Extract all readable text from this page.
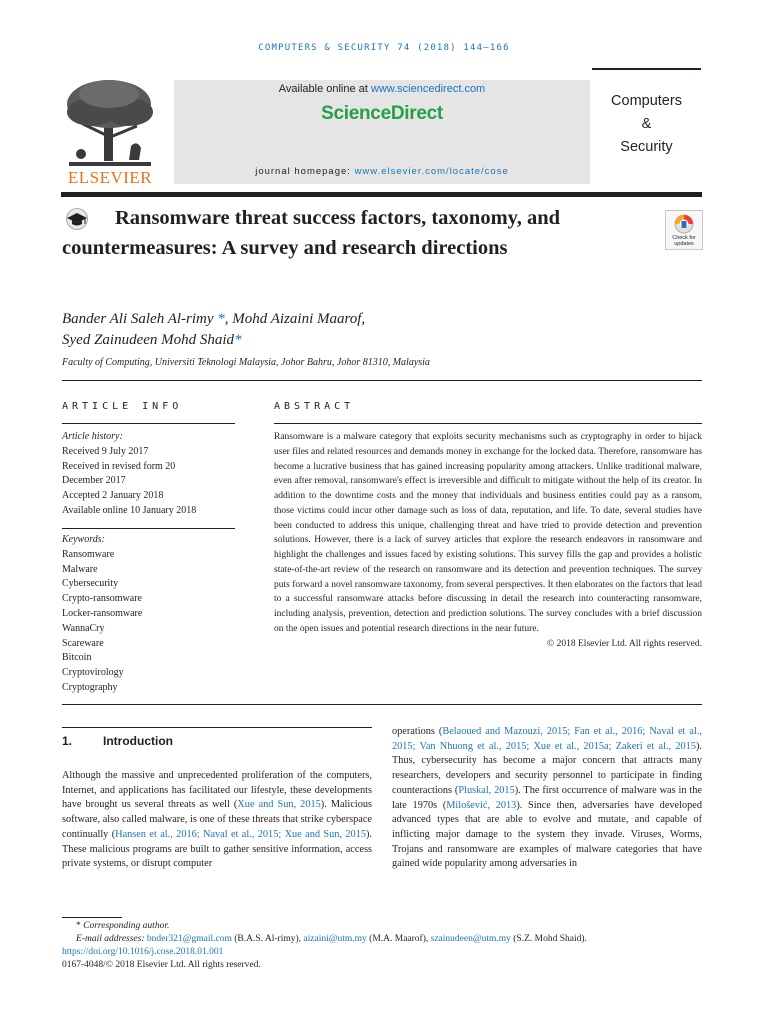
COMPUTERS & SECURITY 74 (2018) 144–166
ELSEVIER
Available online at www.sciencedirect.com
ScienceDirect
journal homepage: www.elsevier.com/locate/cose
Computers
&
Security
Ransomware threat success factors, taxonomy, and countermeasures: A survey and research directions	Check for
updates
Bander Ali Saleh Al-rimy *, Mohd Aizaini Maarof,
Syed Zainudeen Mohd Shaid*
Faculty of Computing, Universiti Teknologi Malaysia, Johor Bahru, Johor 81310, Malaysia
ARTICLE INFO
Article history:
Received 9 July 2017
Received in revised form 20
December 2017
Accepted 2 January 2018
Available online 10 January 2018
Keywords:
Ransomware
Malware
Cybersecurity
Crypto-ransomware
Locker-ransomware
WannaCry
Scareware
Bitcoin
Cryptovirology
Cryptography
ABSTRACT
Ransomware is a malware category that exploits security mechanisms such as cryptography in order to hijack user files and related resources and demands money in exchange for the locked data. Therefore, ransomware has become a lucrative business that has gained increasing popularity among attackers. Unlike traditional malware, even after removal, ransomware's effect is irreversible and difficult to mitigate without the help of its creator. In addition to the downtime costs and the money that individuals and business entities could pay as a ransom, those victims could incur other damage such as loss of data, reputation, and life. To date, several studies have been conducted to address this unique, challenging threat and have tried to provide detection and prevention solutions. However, there is a lack of survey articles that explore the research endeavors in ransomware and highlight the challenges and issues faced by existing solutions. This survey fills the gap and provides a holistic state-of-the-art review of the research on ransomware and its detection and prevention techniques. The survey puts forward a novel ransomware taxonomy, from several perspectives. It then elaborates on the factors that lead to a successful ransomware attacks before discussing in detail the research into counteracting ransomware, including analysis, prevention, detection and prediction solutions. The survey concludes with a brief discussion on the open issues and potential research directions in the near future.
© 2018 Elsevier Ltd. All rights reserved.
1.	Introduction
Although the massive and unprecedented proliferation of the computers, Internet, and applications has facilitated our lifestyle, these developments have brought us several threats as well (Xue and Sun, 2015). Malicious software, also called malware, is one of these threats that strike cyberspace continually (Hansen et al., 2016; Naval et al., 2015; Xue and Sun, 2015). These malicious programs are built to gather sensitive information, access private systems, or disrupt computer
operations (Belaoued and Mazouzi, 2015; Fan et al., 2016; Naval et al., 2015; Van Nhuong et al., 2015; Xue et al., 2015a; Zakeri et al., 2015). Thus, cybersecurity has become a major concern that attracts many researchers, developers and security personnel to participate in finding counteractions (Pluskal, 2015). The first occurrence of malware was in the late 1970s (Milošević, 2013). Since then, adversaries have developed advanced types that are able to evolve and mutate, and capable of inflicting major damage to the system they invade. Viruses, Worms, Trojans and ransomware are examples of malware categories that have gained wide popularity among adversaries in
* Corresponding author.
E-mail addresses: bnder321@gmail.com (B.A.S. Al-rimy), aizaini@utm.my (M.A. Maarof), szainudeen@utm.my (S.Z. Mohd Shaid).
https://doi.org/10.1016/j.cose.2018.01.001
0167-4048/© 2018 Elsevier Ltd. All rights reserved.
